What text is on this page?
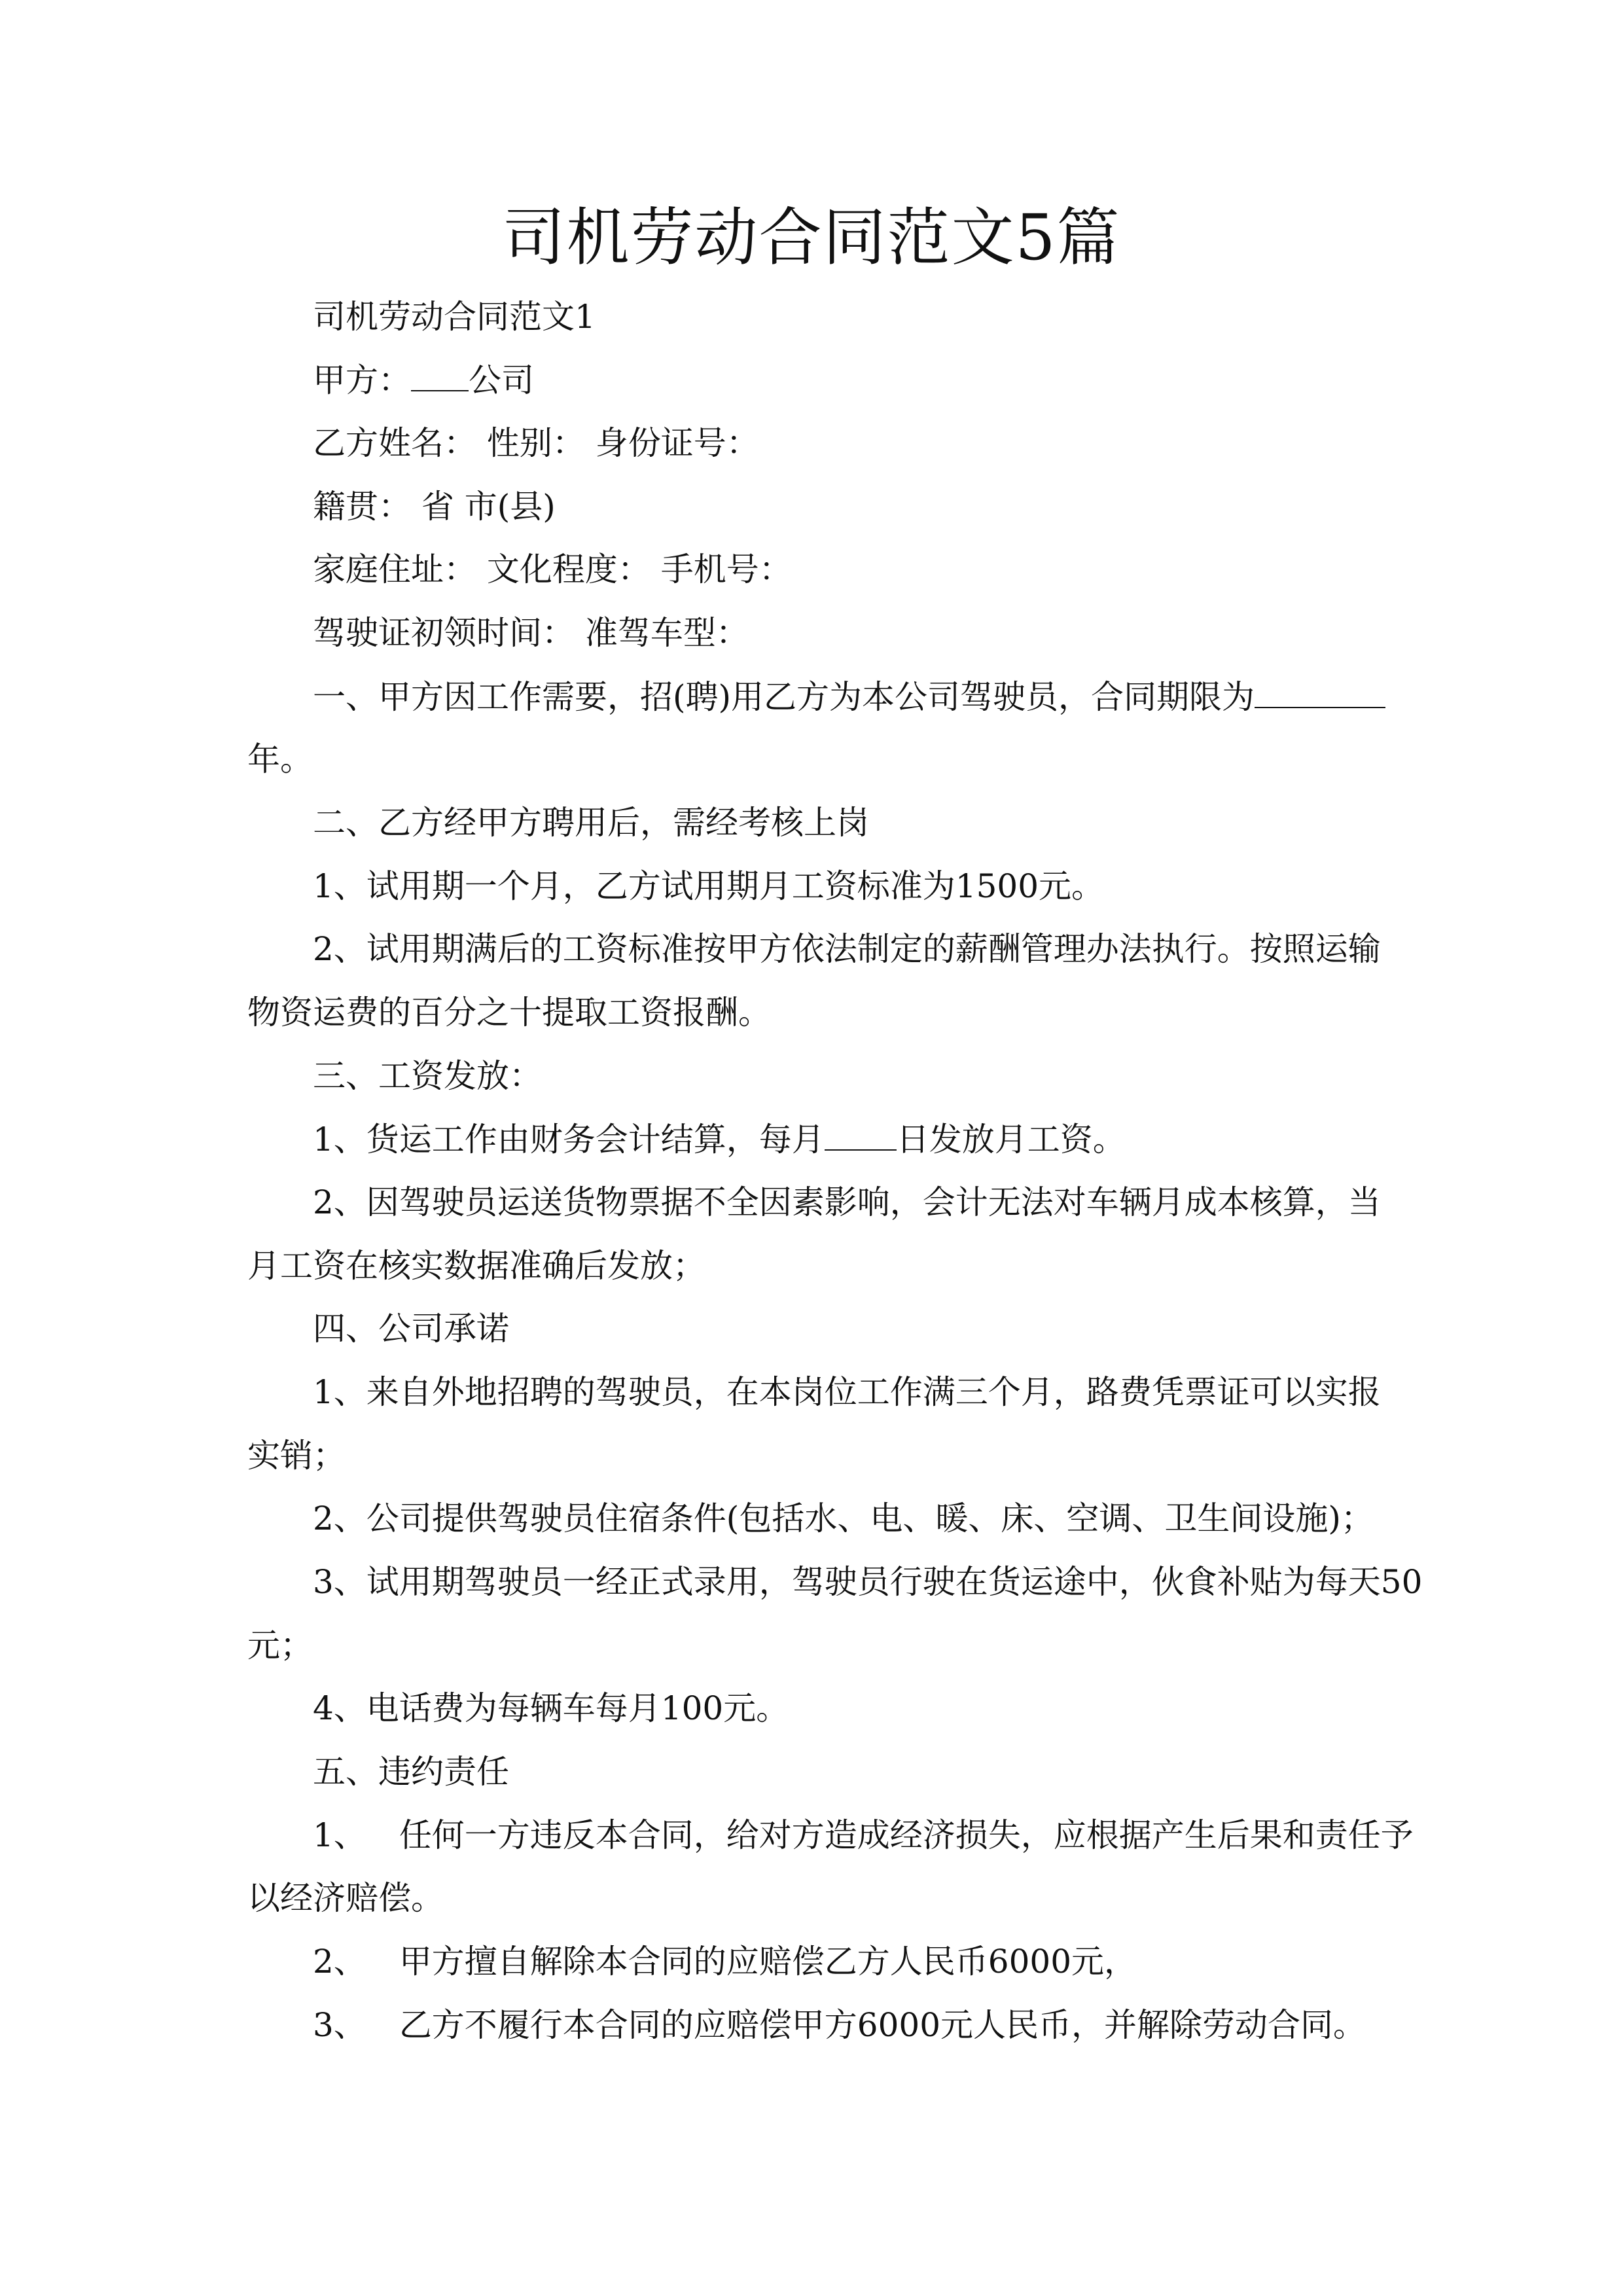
司机劳动合同范文5篇

司机劳动合同范文1

甲方： 公司

乙方姓名： 性别： 身份证号：

籍贯： 省 市(县)

家庭住址： 文化程度： 手机号：

驾驶证初领时间： 准驾车型：

一、甲方因工作需要，招(聘)用乙方为本公司驾驶员，合同期限为

年。

二、乙方经甲方聘用后，需经考核上岗

1、试用期一个月，乙方试用期月工资标准为1500元。

2、试用期满后的工资标准按甲方依法制定的薪酬管理办法执行。按照运输

物资运费的百分之十提取工资报酬。

三、工资发放：

1、货运工作由财务会计结算，每月 日发放月工资。

2、因驾驶员运送货物票据不全因素影响，会计无法对车辆月成本核算，当

月工资在核实数据准确后发放；

四、公司承诺

1、来自外地招聘的驾驶员，在本岗位工作满三个月，路费凭票证可以实报

实销；

2、公司提供驾驶员住宿条件(包括水、电、暖、床、空调、卫生间设施)；

3、试用期驾驶员一经正式录用，驾驶员行驶在货运途中，伙食补贴为每天50

元；

4、电话费为每辆车每月100元。

五、违约责任

1、 任何一方违反本合同，给对方造成经济损失，应根据产生后果和责任予

以经济赔偿。

2、 甲方擅自解除本合同的应赔偿乙方人民币6000元，

3、 乙方不履行本合同的应赔偿甲方6000元人民币，并解除劳动合同。
